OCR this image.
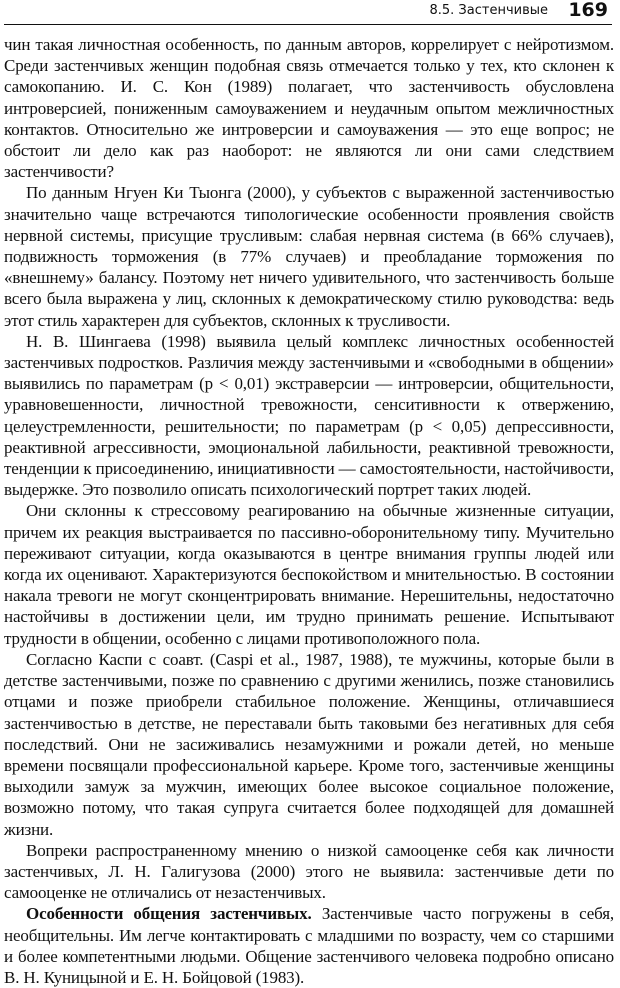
8.5. Застенчивые 169

чин такая личностная особенность, по данным авторов, коррелирует с нейротизмом. Среди застенчивых женщин подобная связь отмечается только у тех, кто склонен к самокопанию. И. С. Кон (1989) полагает, что застенчивость обусловлена интроверсией, пониженным самоуважением и неудачным опытом межличностных контактов. Относительно же интроверсии и самоуважения — это еще вопрос; не обстоит ли дело как раз наоборот: не являются ли они сами следствием застенчивости?

По данным Нгуен Ки Тыонга (2000), у субъектов с выраженной застенчивостью значительно чаще встречаются типологические особенности проявления свойств нервной системы, присущие трусливым: слабая нервная система (в 66% случаев), подвижность торможения (в 77% случаев) и преобладание торможения по «внешнему» балансу. Поэтому нет ничего удивительного, что застенчивость больше всего была выражена у лиц, склонных к демократическому стилю руководства: ведь этот стиль характерен для субъектов, склонных к трусливости.

Н. В. Шингаева (1998) выявила целый комплекс личностных особенностей застенчивых подростков. Различия между застенчивыми и «свободными в общении» выявились по параметрам (p < 0,01) экстраверсии — интроверсии, общительности, уравновешенности, личностной тревожности, сенситивности к отвержению, целеустремленности, решительности; по параметрам (p < 0,05) депрессивности, реактивной агрессивности, эмоциональной лабильности, реактивной тревожности, тенденции к присоединению, инициативности — самостоятельности, настойчивости, выдержке. Это позволило описать психологический портрет таких людей.

Они склонны к стрессовому реагированию на обычные жизненные ситуации, причем их реакция выстраивается по пассивно-оборонительному типу. Мучительно переживают ситуации, когда оказываются в центре внимания группы людей или когда их оценивают. Характеризуются беспокойством и мнительностью. В состоянии накала тревоги не могут сконцентрировать внимание. Нерешительны, недостаточно настойчивы в достижении цели, им трудно принимать решение. Испытывают трудности в общении, особенно с лицами противоположного пола.

Согласно Каспи с соавт. (Caspi et al., 1987, 1988), те мужчины, которые были в детстве застенчивыми, позже по сравнению с другими женились, позже становились отцами и позже приобрели стабильное положение. Женщины, отличавшиеся застенчивостью в детстве, не переставали быть таковыми без негативных для себя последствий. Они не засиживались незамужними и рожали детей, но меньше времени посвящали профессиональной карьере. Кроме того, застенчивые женщины выходили замуж за мужчин, имеющих более высокое социальное положение, возможно потому, что такая супруга считается более подходящей для домашней жизни.

Вопреки распространенному мнению о низкой самооценке себя как личности застенчивых, Л. Н. Галигузова (2000) этого не выявила: застенчивые дети по самооценке не отличались от незастенчивых.

Особенности общения застенчивых. Застенчивые часто погружены в себя, необщительны. Им легче контактировать с младшими по возрасту, чем со старшими и более компетентными людьми. Общение застенчивого человека подробно описано В. Н. Куницыной и Е. Н. Бойцовой (1983).
